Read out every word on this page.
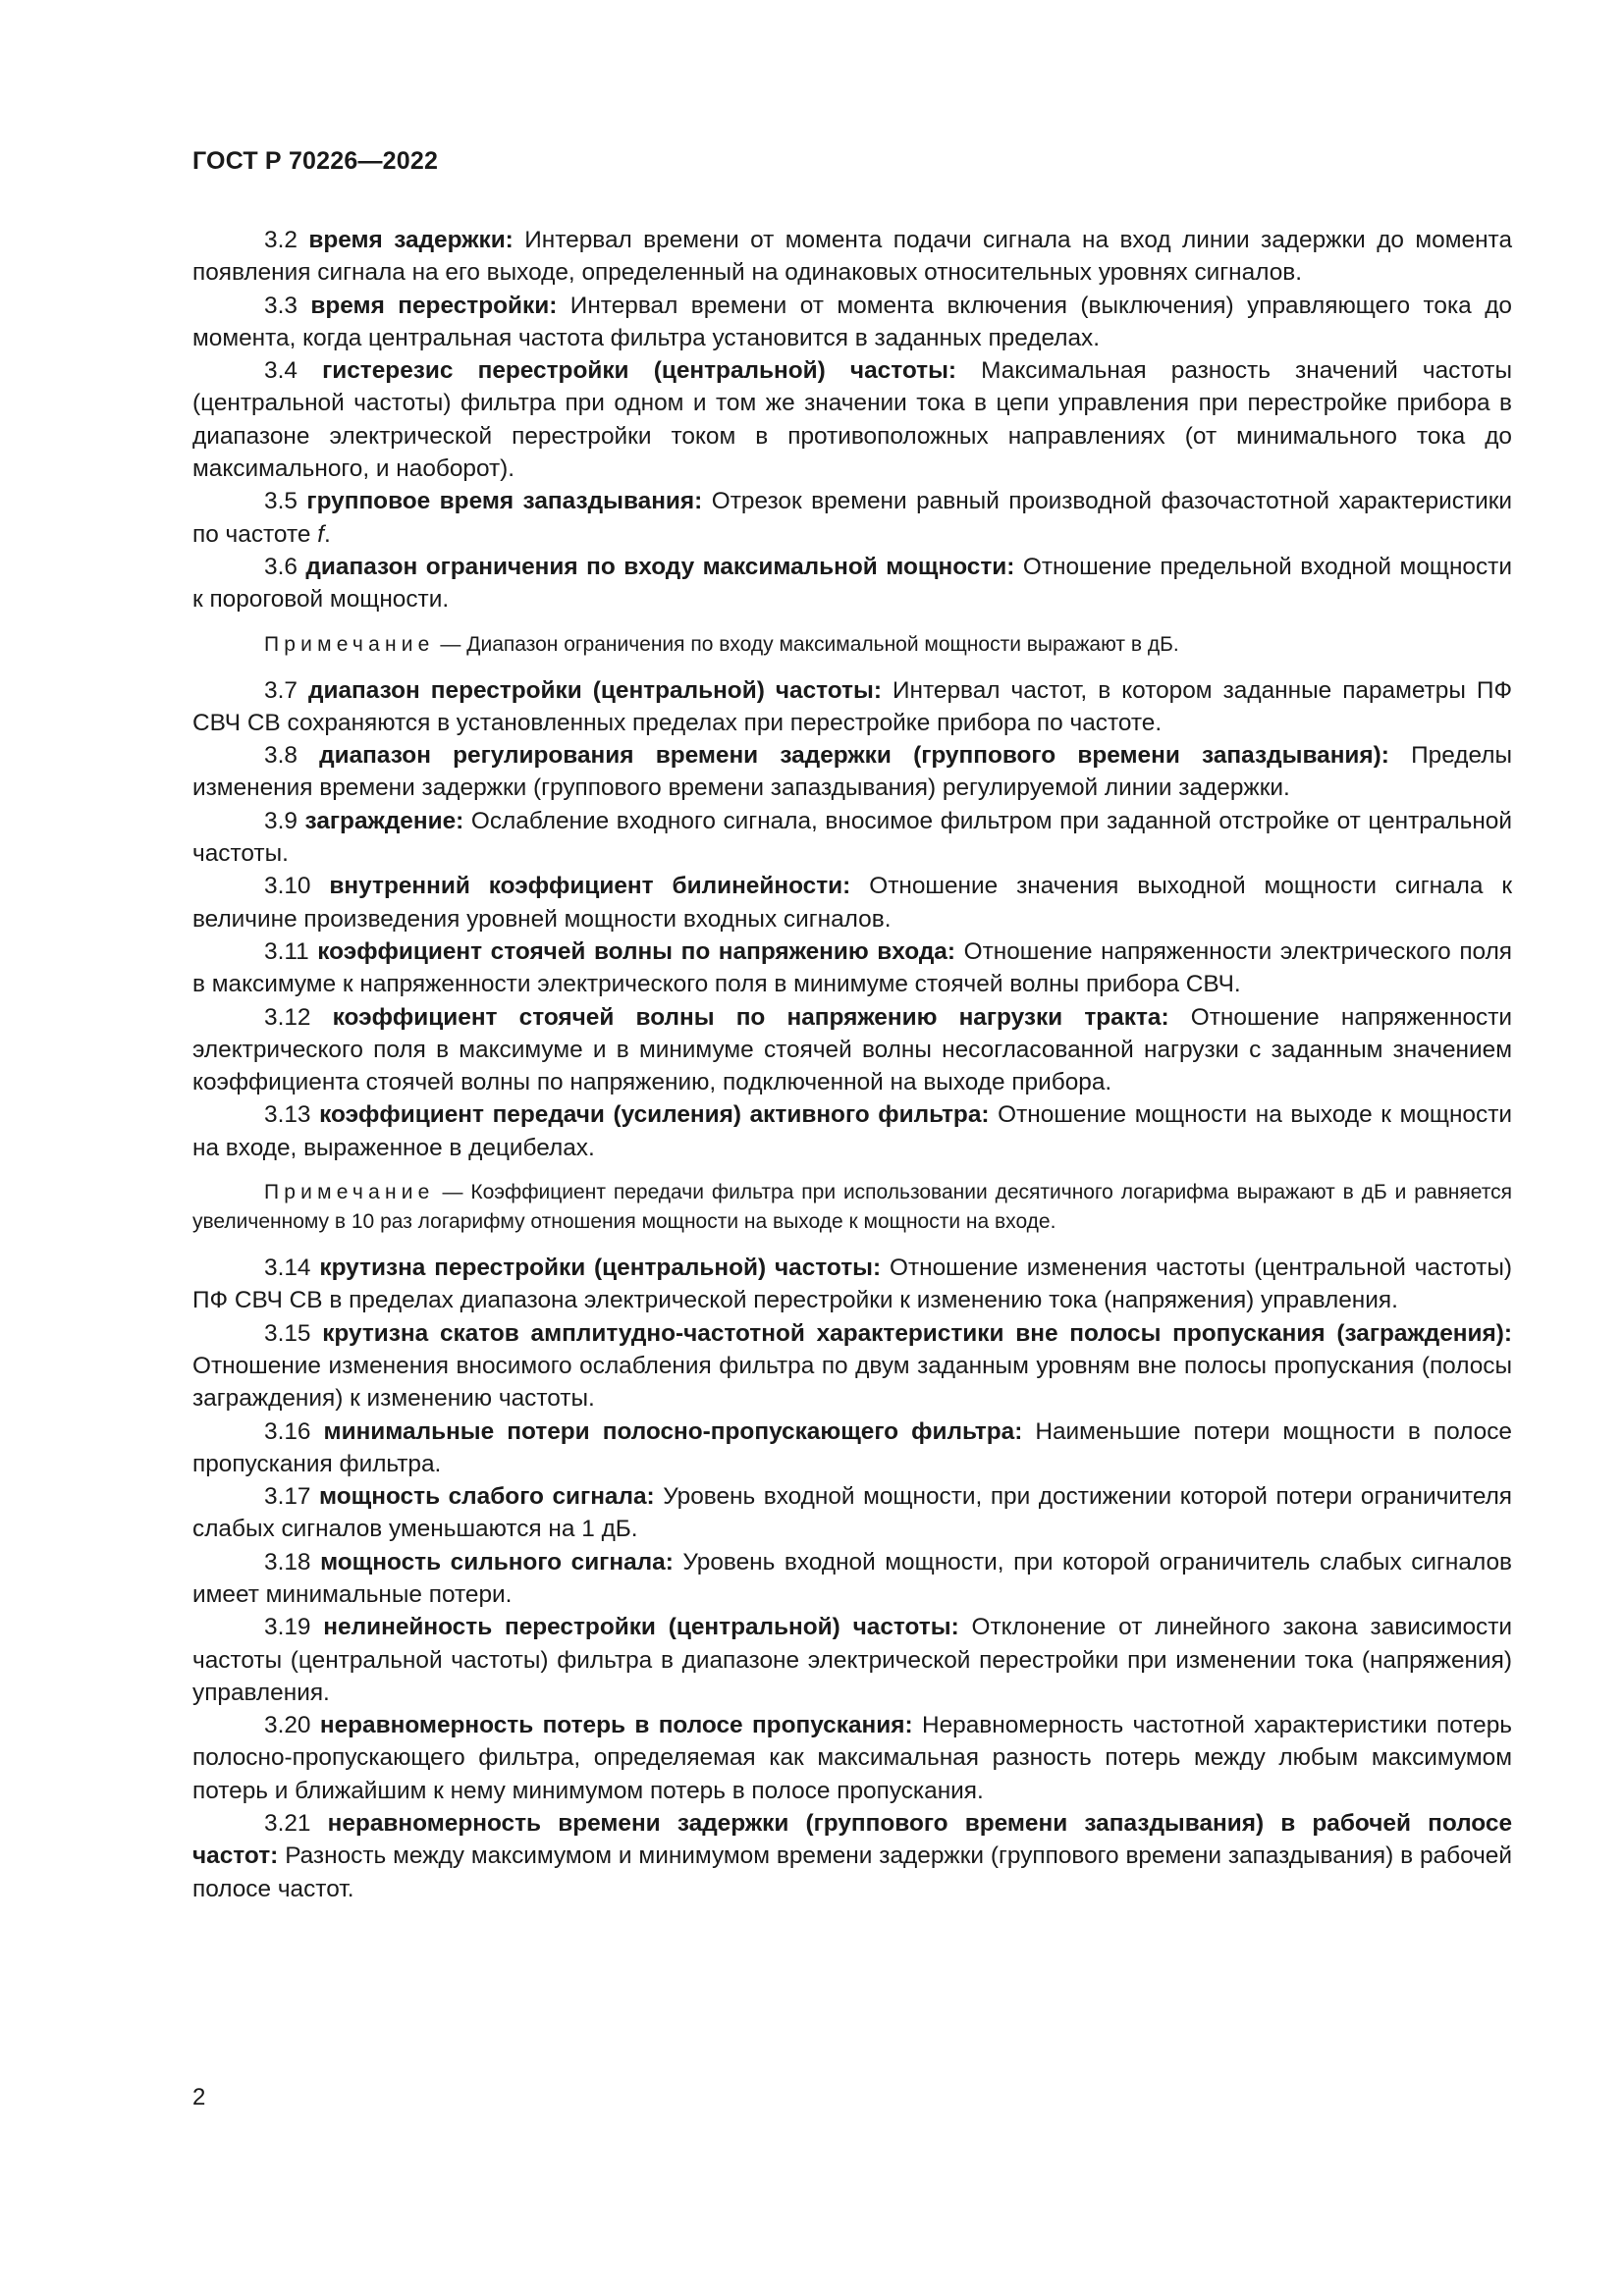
ГОСТ Р 70226—2022
3.2 время задержки: Интервал времени от момента подачи сигнала на вход линии задержки до момента появления сигнала на его выходе, определенный на одинаковых относительных уровнях сигналов.
3.3 время перестройки: Интервал времени от момента включения (выключения) управляющего тока до момента, когда центральная частота фильтра установится в заданных пределах.
3.4 гистерезис перестройки (центральной) частоты: Максимальная разность значений частоты (центральной частоты) фильтра при одном и том же значении тока в цепи управления при перестройке прибора в диапазоне электрической перестройки током в противоположных направлениях (от минимального тока до максимального, и наоборот).
3.5 групповое время запаздывания: Отрезок времени равный производной фазочастотной характеристики по частоте f.
3.6 диапазон ограничения по входу максимальной мощности: Отношение предельной входной мощности к пороговой мощности.
Примечание — Диапазон ограничения по входу максимальной мощности выражают в дБ.
3.7 диапазон перестройки (центральной) частоты: Интервал частот, в котором заданные параметры ПФ СВЧ СВ сохраняются в установленных пределах при перестройке прибора по частоте.
3.8 диапазон регулирования времени задержки (группового времени запаздывания): Пределы изменения времени задержки (группового времени запаздывания) регулируемой линии задержки.
3.9 заграждение: Ослабление входного сигнала, вносимое фильтром при заданной отстройке от центральной частоты.
3.10 внутренний коэффициент билинейности: Отношение значения выходной мощности сигнала к величине произведения уровней мощности входных сигналов.
3.11 коэффициент стоячей волны по напряжению входа: Отношение напряженности электрического поля в максимуме к напряженности электрического поля в минимуме стоячей волны прибора СВЧ.
3.12 коэффициент стоячей волны по напряжению нагрузки тракта: Отношение напряженности электрического поля в максимуме и в минимуме стоячей волны несогласованной нагрузки с заданным значением коэффициента стоячей волны по напряжению, подключенной на выходе прибора.
3.13 коэффициент передачи (усиления) активного фильтра: Отношение мощности на выходе к мощности на входе, выраженное в децибелах.
Примечание — Коэффициент передачи фильтра при использовании десятичного логарифма выражают в дБ и равняется увеличенному в 10 раз логарифму отношения мощности на выходе к мощности на входе.
3.14 крутизна перестройки (центральной) частоты: Отношение изменения частоты (центральной частоты) ПФ СВЧ СВ в пределах диапазона электрической перестройки к изменению тока (напряжения) управления.
3.15 крутизна скатов амплитудно-частотной характеристики вне полосы пропускания (заграждения): Отношение изменения вносимого ослабления фильтра по двум заданным уровням вне полосы пропускания (полосы заграждения) к изменению частоты.
3.16 минимальные потери полосно-пропускающего фильтра: Наименьшие потери мощности в полосе пропускания фильтра.
3.17 мощность слабого сигнала: Уровень входной мощности, при достижении которой потери ограничителя слабых сигналов уменьшаются на 1 дБ.
3.18 мощность сильного сигнала: Уровень входной мощности, при которой ограничитель слабых сигналов имеет минимальные потери.
3.19 нелинейность перестройки (центральной) частоты: Отклонение от линейного закона зависимости частоты (центральной частоты) фильтра в диапазоне электрической перестройки при изменении тока (напряжения) управления.
3.20 неравномерность потерь в полосе пропускания: Неравномерность частотной характеристики потерь полосно-пропускающего фильтра, определяемая как максимальная разность потерь между любым максимумом потерь и ближайшим к нему минимумом потерь в полосе пропускания.
3.21 неравномерность времени задержки (группового времени запаздывания) в рабочей полосе частот: Разность между максимумом и минимумом времени задержки (группового времени запаздывания) в рабочей полосе частот.
2
